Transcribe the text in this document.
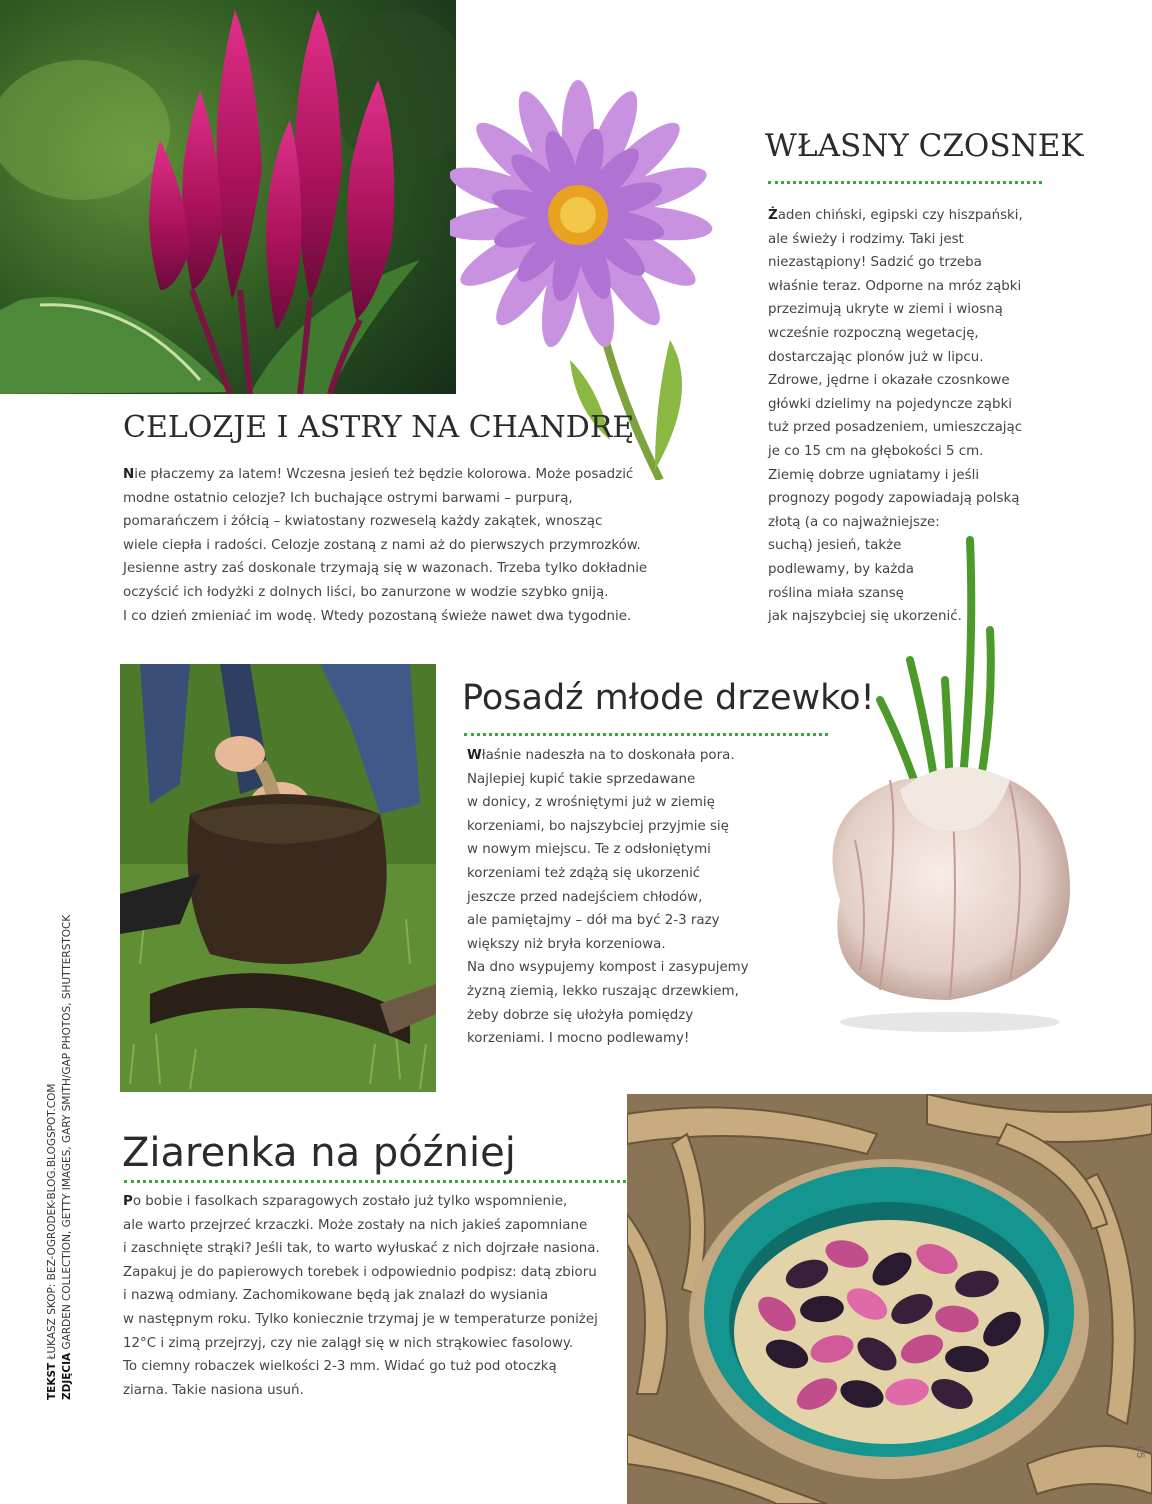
WŁASNY CZOSNEK
Żaden chiński, egipski czy hiszpański,
ale świeży i rodzimy. Taki jest
niezastąpiony! Sadzić go trzeba
właśnie teraz. Odporne na mróz ząbki
przezimują ukryte w ziemi i wiosną
wcześnie rozpoczną wegetację,
dostarczając plonów już w lipcu.
Zdrowe, jędrne i okazałe czosnkowe
główki dzielimy na pojedyncze ząbki
tuż przed posadzeniem, umieszczając
je co 15 cm na głębokości 5 cm.
Ziemię dobrze ugniatamy i jeśli
prognozy pogody zapowiadają polską
złotą (a co najważniejsze:
suchą) jesień, także
podlewamy, by każda
roślina miała szansę
jak najszybciej się ukorzenić.
CELOZJE I ASTRY NA CHANDRĘ
Nie płaczemy za latem! Wczesna jesień też będzie kolorowa. Może posadzić
modne ostatnio celozje? Ich buchające ostrymi barwami – purpurą,
pomarańczem i żółcią – kwiatostany rozweselą każdy zakątek, wnosząc
wiele ciepła i radości. Celozje zostaną z nami aż do pierwszych przymrozków.
Jesienne astry zaś doskonale trzymają się w wazonach. Trzeba tylko dokładnie
oczyścić ich łodyżki z dolnych liści, bo zanurzone w wodzie szybko gniją.
I co dzień zmieniać im wodę. Wtedy pozostaną świeże nawet dwa tygodnie.
Posadź młode drzewko!
Właśnie nadeszła na to doskonała pora.
Najlepiej kupić takie sprzedawane
w donicy, z wrośniętymi już w ziemię
korzeniami, bo najszybciej przyjmie się
w nowym miejscu. Te z odsłoniętymi
korzeniami też zdążą się ukorzenić
jeszcze przed nadejściem chłodów,
ale pamiętajmy – dół ma być 2-3 razy
większy niż bryła korzeniowa.
Na dno wsypujemy kompost i zasypujemy
żyzną ziemią, lekko ruszając drzewkiem,
żeby dobrze się ułożyła pomiędzy
korzeniami. I mocno podlewamy!
Ziarenka na później
Po bobie i fasolkach szparagowych zostało już tylko wspomnienie,
ale warto przejrzeć krzaczki. Może zostały na nich jakieś zapomniane
i zaschnięte strąki? Jeśli tak, to warto wyłuskać z nich dojrzałe nasiona.
Zapakuj je do papierowych torebek i odpowiednio podpisz: datą zbioru
i nazwą odmiany. Zachomikowane będą jak znalazł do wysiania
w następnym roku. Tylko koniecznie trzymaj je w temperaturze poniżej
12°C i zimą przejrzyj, czy nie zalągł się w nich strąkowiec fasolowy.
To ciemny robaczek wielkości 2-3 mm. Widać go tuż pod otoczką
ziarna. Takie nasiona usuń.
TEKST ŁUKASZ SKOP: BEZ-OGRODEK-BLOG.BLOGSPOT.COM
ZDJĘCIA GARDEN COLLECTION, GETTY IMAGES, GARY SMITH/GAP PHOTOS, SHUTTERSTOCK
05
